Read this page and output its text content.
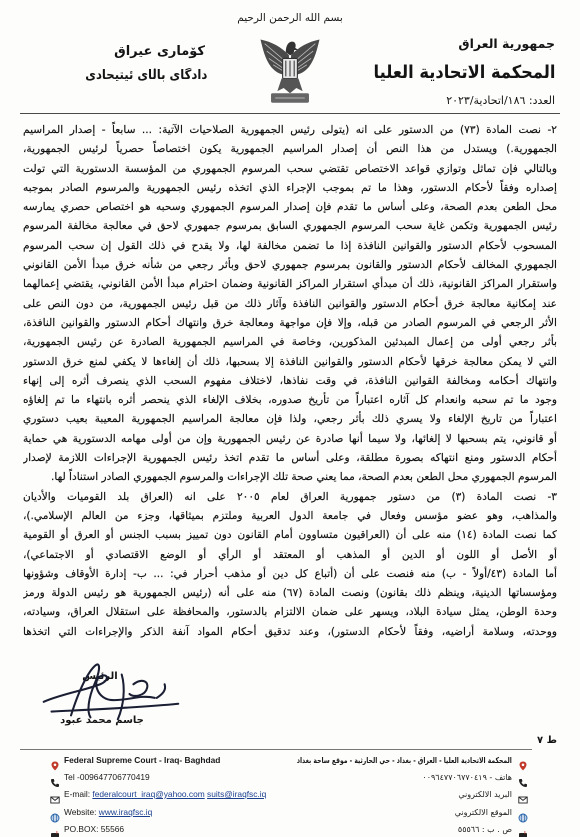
بسم الله الرحمن الرحيم
جمهورية العراق
المحكمة الاتحادية العليا
العدد: ١٨٦/اتحادية/٢٠٢٣
كۆماری عیراق
دادگای باڵای ئیتیحادی
٢- نصت المادة (٧٣) من الدستور على انه (يتولى رئيس الجمهورية الصلاحيات الآتية: ... سابعاً - إصدار المراسيم
الجمهورية.) ويستدل من هذا النص أن إصدار المراسيم الجمهورية يكون اختصاصاً حصرياً لرئيس الجمهورية،
وبالتالي فإن تماثل وتوازي قواعد الاختصاص تقتضي سحب المرسوم الجمهوري من المؤسسة الدستورية التي تولت
إصداره وفقاً لأحكام الدستور، وهذا ما تم بموجب الإجراء الذي اتخذه رئيس الجمهورية والمرسوم الصادر بموجبه
محل الطعن بعدم الصحة، وعلى أساس ما تقدم فإن إصدار المرسوم الجمهوري وسحبه هو اختصاص حصري يمارسه
رئيس الجمهورية وتكمن غاية سحب المرسوم الجمهوري السابق بمرسوم جمهوري لاحق في معالجة مخالفة المرسوم
المسحوب لأحكام الدستور والقوانين النافذة إذا ما تضمن مخالفة لها، ولا يقدح في ذلك القول إن سحب المرسوم
الجمهوري المخالف لأحكام الدستور والقانون بمرسوم جمهوري لاحق وبأثر رجعي من شأنه خرق مبدأ الأمن القانوني
واستقرار المراكز القانونية، ذلك أن مبدأي استقرار المراكز القانونية وضمان احترام مبدأ الأمن القانوني، يقتضي إعمالهما
عند إمكانية معالجة خرق أحكام الدستور والقوانين النافذة وآثار ذلك من قبل رئيس الجمهورية، من دون النص على
الأثر الرجعي في المرسوم الصادر من قبله، وإلا فإن مواجهة ومعالجة خرق وانتهاك أحكام الدستور والقوانين النافذة،
بأثر رجعي أولى من إعمال المبدئين المذكورين، وخاصة في المراسيم الجمهورية الصادرة عن رئيس الجمهورية،
التي لا يمكن معالجة خرقها لأحكام الدستور والقوانين النافذة إلا بسحبها، ذلك أن إلغاءها لا يكفي لمنع خرق الدستور
وانتهاك أحكامه ومخالفة القوانين النافذة، في وقت نفاذها، لاختلاف مفهوم السحب الذي ينصرف أثره إلى إنهاء
وجود ما تم سحبه وانعدام كل آثاره اعتباراً من تأريخ صدوره، بخلاف الإلغاء الذي ينحصر أثره بانتهاء ما تم إلغاؤه
اعتباراً من تاريخ الإلغاء ولا يسري ذلك بأثر رجعي، ولذا فإن معالجة المراسيم الجمهورية المعيبة بعيب دستوري
أو قانوني، يتم بسحبها لا إلغائها، ولا سيما أنها صادرة عن رئيس الجمهورية وإن من أولى مهامه الدستورية هي حماية
أحكام الدستور ومنع انتهاكه بصورة مطلقة، وعلى أساس ما تقدم اتخذ رئيس الجمهورية الإجراءات اللازمة لإصدار
المرسوم الجمهوري محل الطعن بعدم الصحة، مما يعني صحة تلك الإجراءات والمرسوم الجمهوري الصادر استناداً لها.
٣- نصت المادة (٣) من دستور جمهورية العراق لعام ٢٠٠٥ على انه (العراق بلد القوميات والأديان
والمذاهب، وهو عضو مؤسس وفعال في جامعة الدول العربية وملتزم بميثاقها، وجزء من العالم الإسلامي.)،
كما نصت المادة (١٤) منه على أن (العراقيون متساوون أمام القانون دون تمييز بسبب الجنس أو العرق أو القومية
أو الأصل أو اللون أو الدين أو المذهب أو المعتقد أو الرأي أو الوضع الاقتصادي أو الاجتماعي)،
أما المادة (٤٣/أولاً - ب) منه فنصت على أن (أتباع كل دين أو مذهب أحرار في: ... ب- إدارة الأوقاف وشؤونها
ومؤسساتها الدينية، وينظم ذلك بقانون) ونصت المادة (٦٧) منه على أنه (رئيس الجمهورية هو رئيس الدولة ورمز
وحدة الوطن، يمثل سيادة البلاد، ويسهر على ضمان الالتزام بالدستور، والمحافظة على استقلال العراق، وسيادته،
ووحدته، وسلامة أراضيه، وفقاً لأحكام الدستور)، وعند تدقيق أحكام المواد آنفة الذكر والإجراءات التي اتخذها
الرئيس
جاسم محمد عبود
ط ٧
Federal Supreme Court - Iraq- Baghdad
Tel -009647706770419
E-mail: federalcourt_iraq@yahoo.com suits@iraqfsc.iq
Website: www.iraqfsc.iq
PO.BOX: 55566
المحكمة الاتحادية العليا - العراق - بغداد - حي الحارثية - موقع ساحة بغداد
هاتف - ٠٠٩٦٤٧٧٠٦٧٧٠٤١٩
البريد الالكتروني
الموقع الالكتروني
ص . ب : ٥٥٥٦٦
